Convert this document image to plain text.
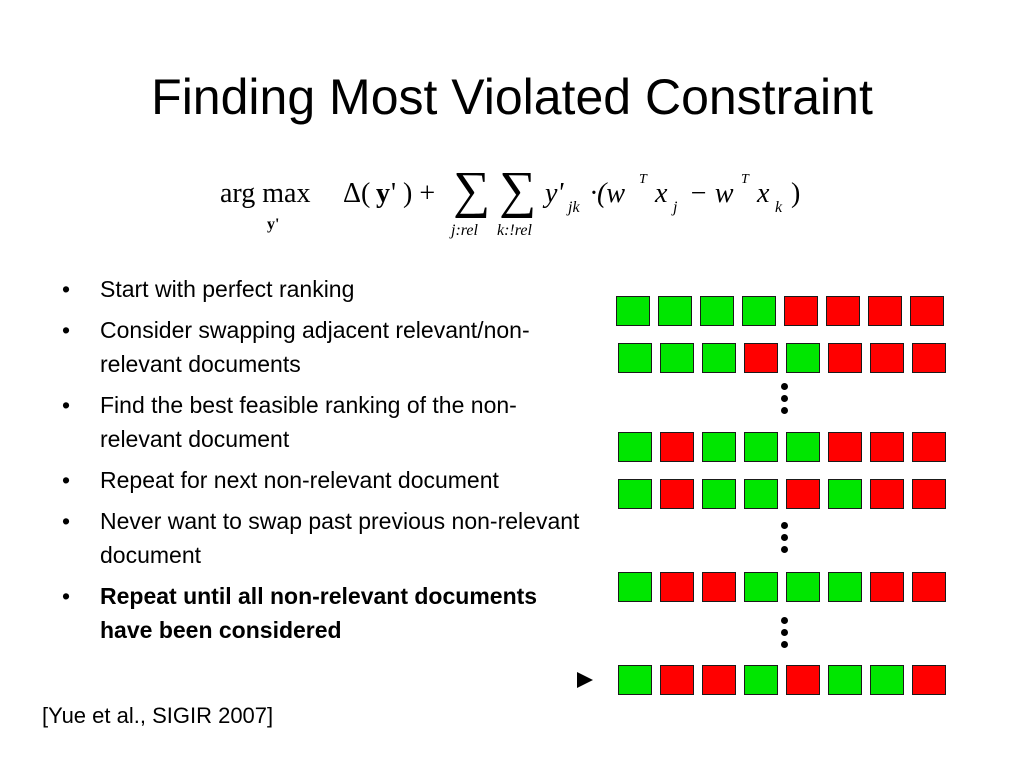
Finding Most Violated Constraint
arg max
y'
Δ( y ' ) + ∑
j:rel
∑
k:!rel
y' jk ·(w T x j − w T x k )
•	Start with perfect ranking
•	Consider swapping adjacent relevant/non-relevant documents
•	Find the best feasible ranking of the non-relevant document
•	Repeat for next non-relevant document
•	Never want to swap past previous non-relevant document
•	Repeat until all non-relevant documents have been considered
[Yue et al., SIGIR 2007]
